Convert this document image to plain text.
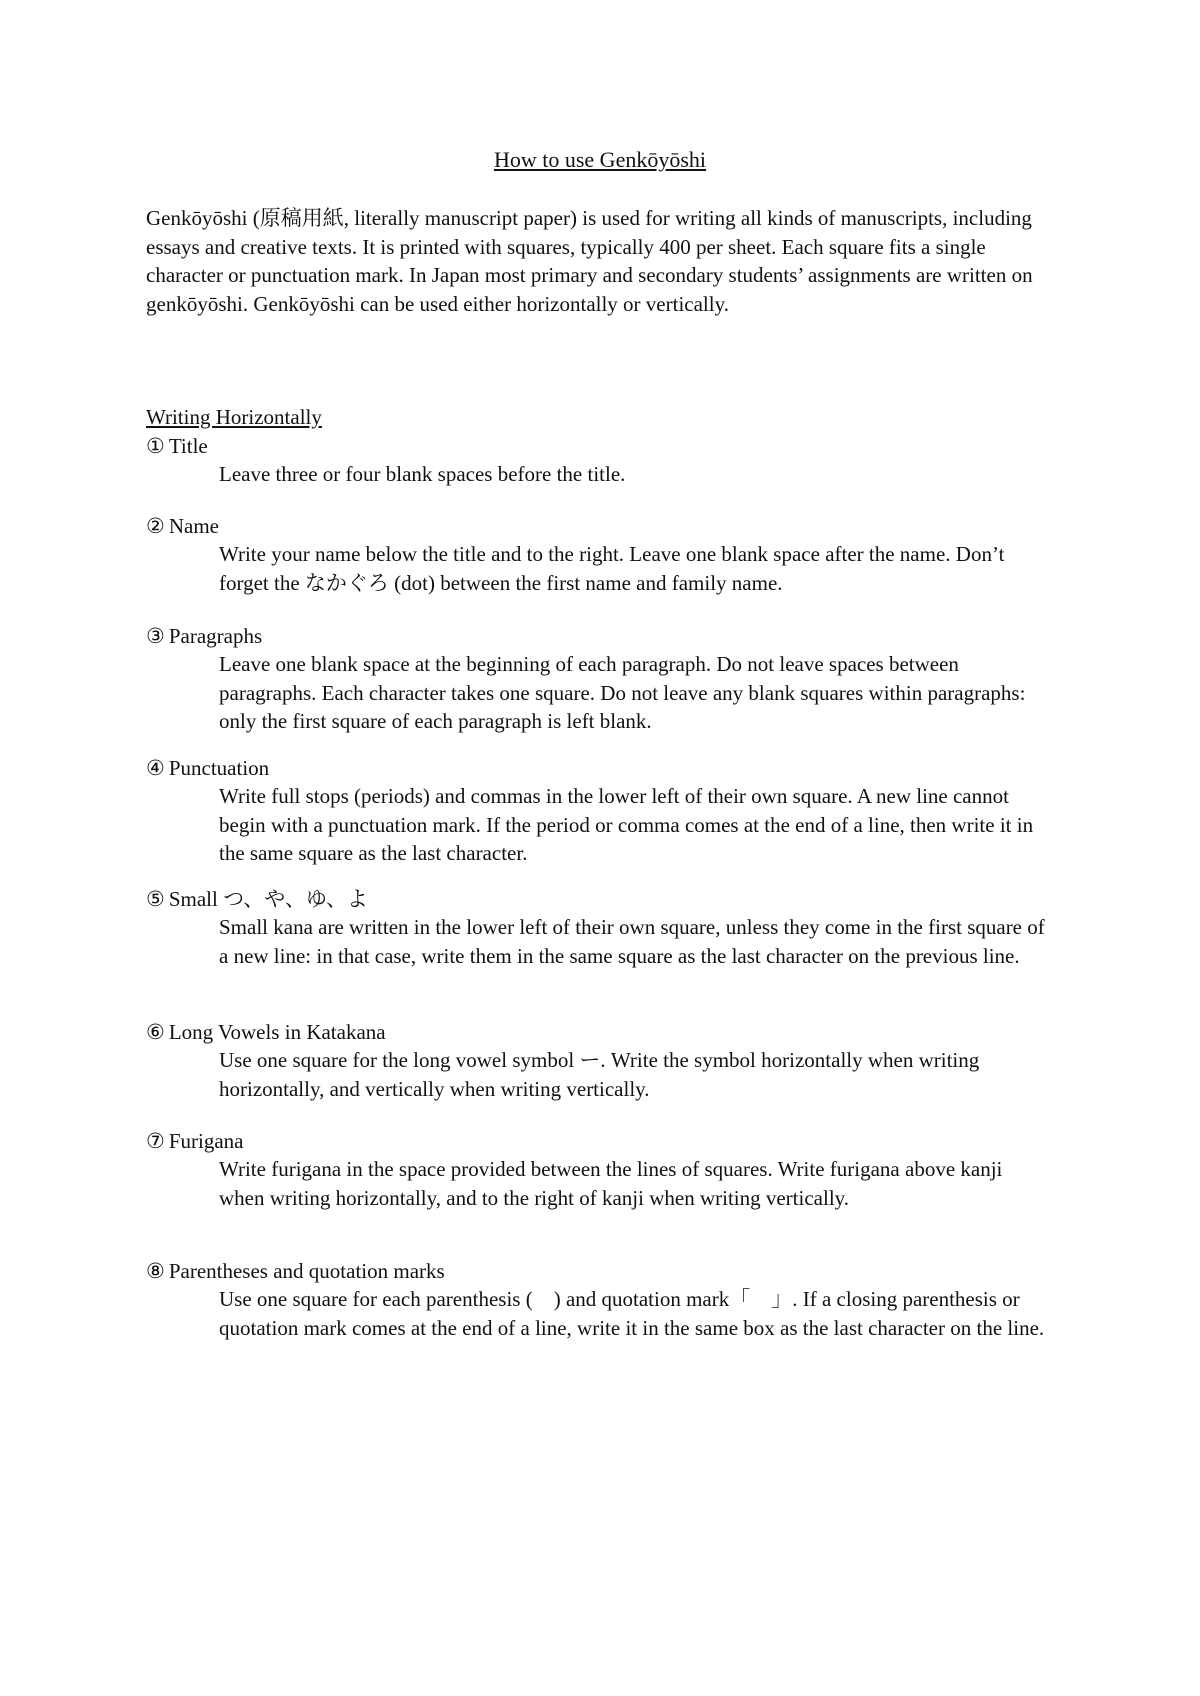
How to use Genkōyōshi

Genkōyōshi (原稿用紙, literally manuscript paper) is used for writing all kinds of manuscripts, including essays and creative texts. It is printed with squares, typically 400 per sheet. Each square fits a single character or punctuation mark. In Japan most primary and secondary students’ assignments are written on genkōyōshi. Genkōyōshi can be used either horizontally or vertically.

Writing Horizontally

① Title

Leave three or four blank spaces before the title.

② Name

Write your name below the title and to the right. Leave one blank space after the name. Don’t forget the なかぐろ (dot) between the first name and family name.

③ Paragraphs

Leave one blank space at the beginning of each paragraph. Do not leave spaces between paragraphs. Each character takes one square. Do not leave any blank squares within paragraphs: only the first square of each paragraph is left blank.

④ Punctuation

Write full stops (periods) and commas in the lower left of their own square. A new line cannot begin with a punctuation mark. If the period or comma comes at the end of a line, then write it in the same square as the last character.

⑤ Small つ、や、ゆ、よ

Small kana are written in the lower left of their own square, unless they come in the first square of a new line: in that case, write them in the same square as the last character on the previous line.

⑥ Long Vowels in Katakana

Use one square for the long vowel symbol ー. Write the symbol horizontally when writing horizontally, and vertically when writing vertically.

⑦ Furigana

Write furigana in the space provided between the lines of squares. Write furigana above kanji when writing horizontally, and to the right of kanji when writing vertically.

⑧ Parentheses and quotation marks

Use one square for each parenthesis (　) and quotation mark「　」. If a closing parenthesis or quotation mark comes at the end of a line, write it in the same box as the last character on the line.
